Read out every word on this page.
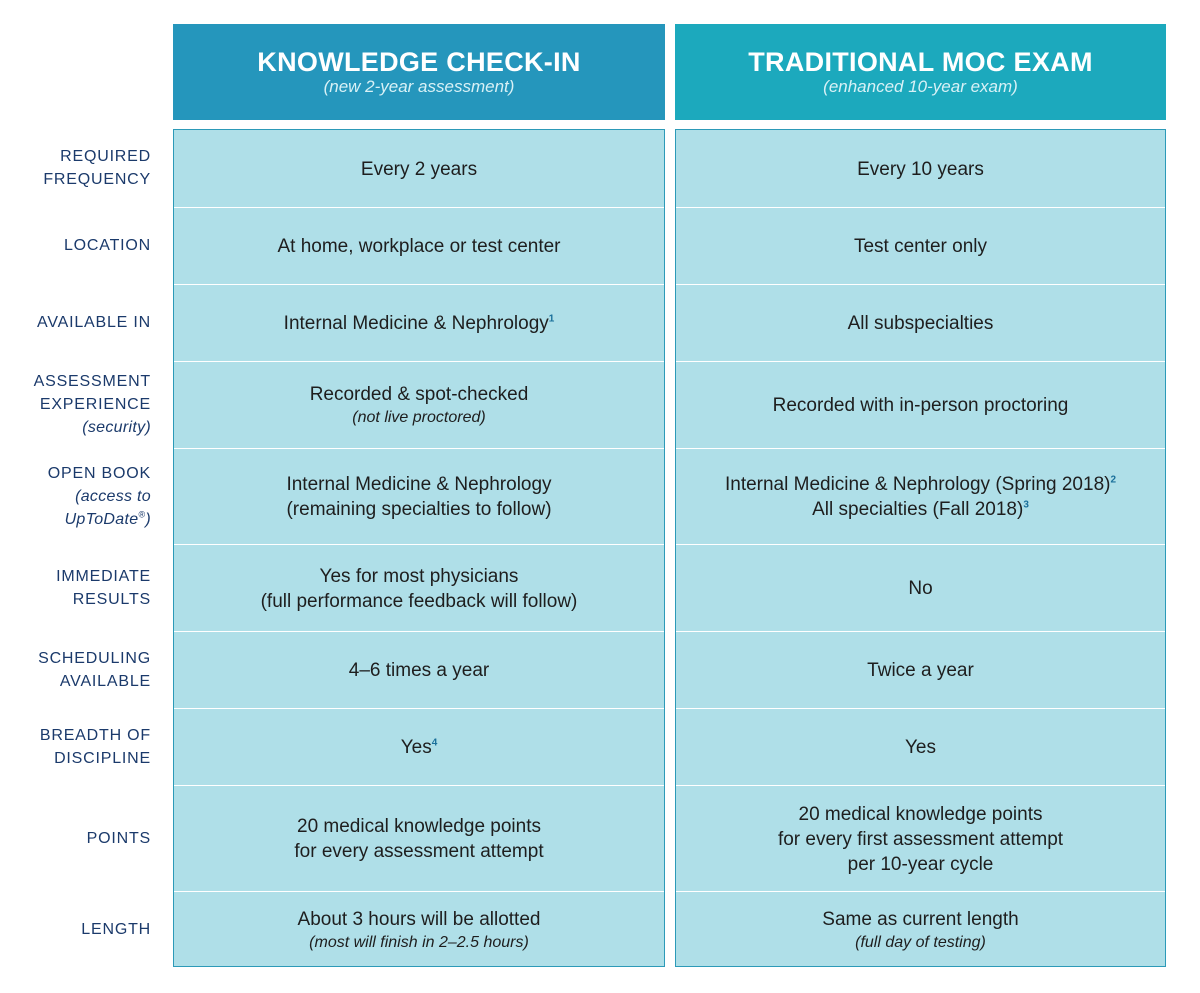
KNOWLEDGE CHECK-IN
(new 2-year assessment)
TRADITIONAL MOC EXAM
(enhanced 10-year exam)
Every 2 years
At home, workplace or test center
Internal Medicine & Nephrology$^1$
Recorded & spot-checked
(not live proctored)
Internal Medicine & Nephrology
(remaining specialties to follow)
Yes for most physicians
(full performance feedback will follow)
4–6 times a year
Yes$^4$
20 medical knowledge points
for every assessment attempt
About 3 hours will be allotted
(most will finish in 2–2.5 hours)
Every 10 years
Test center only
All subspecialties
Recorded with in-person proctoring
Internal Medicine & Nephrology (Spring 2018)$^2$
All specialties (Fall 2018)$^3$
No
Twice a year
Yes
20 medical knowledge points
for every first assessment attempt
per 10-year cycle
Same as current length
(full day of testing)
REQUIRED
FREQUENCY
LOCATION
AVAILABLE IN
ASSESSMENT
EXPERIENCE
(security)
OPEN BOOK
(access to
UpToDate®)
IMMEDIATE
RESULTS
SCHEDULING
AVAILABLE
BREADTH OF
DISCIPLINE
POINTS
LENGTH
